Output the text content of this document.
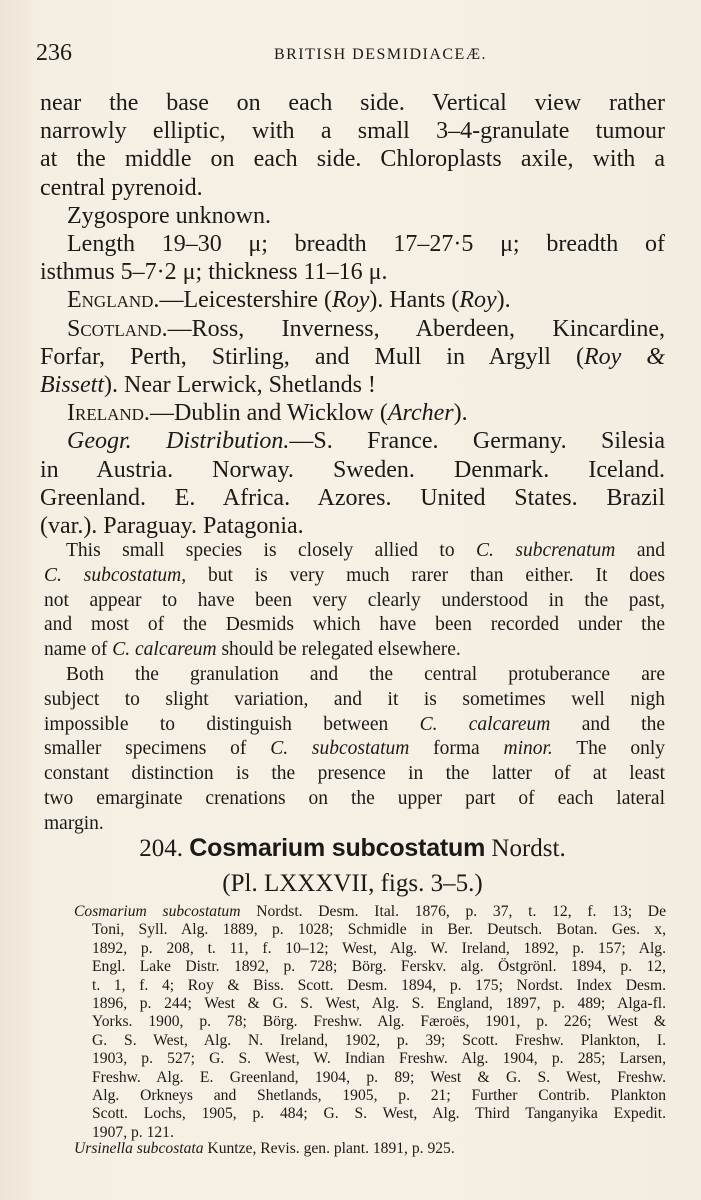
236	BRITISH DESMIDIACEÆ.
near the base on each side. Vertical view rather
narrowly elliptic, with a small 3–4-granulate tumour
at the middle on each side. Chloroplasts axile, with a
central pyrenoid.
Zygospore unknown.
Length 19–30 μ; breadth 17–27·5 μ; breadth of
isthmus 5–7·2 μ; thickness 11–16 μ.
England.—Leicestershire (Roy). Hants (Roy).
Scotland.—Ross, Inverness, Aberdeen, Kincardine,
Forfar, Perth, Stirling, and Mull in Argyll (Roy &
Bissett). Near Lerwick, Shetlands !
Ireland.—Dublin and Wicklow (Archer).
Geogr. Distribution.—S. France. Germany. Silesia
in Austria. Norway. Sweden. Denmark. Iceland.
Greenland. E. Africa. Azores. United States. Brazil
(var.). Paraguay. Patagonia.
This small species is closely allied to C. subcrenatum and
C. subcostatum, but is very much rarer than either. It does
not appear to have been very clearly understood in the past,
and most of the Desmids which have been recorded under the
name of C. calcareum should be relegated elsewhere.
Both the granulation and the central protuberance are
subject to slight variation, and it is sometimes well nigh
impossible to distinguish between C. calcareum and the
smaller specimens of C. subcostatum forma minor. The only
constant distinction is the presence in the latter of at least
two emarginate crenations on the upper part of each lateral
margin.
204. Cosmarium subcostatum Nordst.
(Pl. LXXXVII, figs. 3–5.)
Cosmarium subcostatum Nordst. Desm. Ital. 1876, p. 37, t. 12, f. 13; De
Toni, Syll. Alg. 1889, p. 1028; Schmidle in Ber. Deutsch. Botan. Ges. x,
1892, p. 208, t. 11, f. 10–12; West, Alg. W. Ireland, 1892, p. 157; Alg.
Engl. Lake Distr. 1892, p. 728; Börg. Ferskv. alg. Östgrönl. 1894, p. 12,
t. 1, f. 4; Roy & Biss. Scott. Desm. 1894, p. 175; Nordst. Index Desm.
1896, p. 244; West & G. S. West, Alg. S. England, 1897, p. 489; Alga-fl.
Yorks. 1900, p. 78; Börg. Freshw. Alg. Færoës, 1901, p. 226; West &
G. S. West, Alg. N. Ireland, 1902, p. 39; Scott. Freshw. Plankton, I.
1903, p. 527; G. S. West, W. Indian Freshw. Alg. 1904, p. 285; Larsen,
Freshw. Alg. E. Greenland, 1904, p. 89; West & G. S. West, Freshw.
Alg. Orkneys and Shetlands, 1905, p. 21; Further Contrib. Plankton
Scott. Lochs, 1905, p. 484; G. S. West, Alg. Third Tanganyika Expedit.
1907, p. 121.
Ursinella subcostata Kuntze, Revis. gen. plant. 1891, p. 925.
